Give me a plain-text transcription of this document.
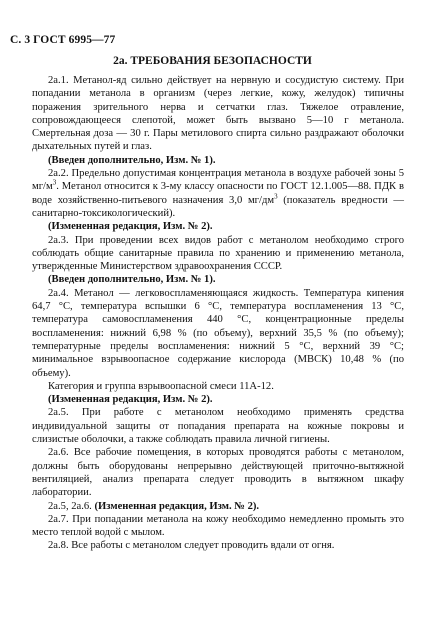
С. 3 ГОСТ 6995—77
2а. ТРЕБОВАНИЯ БЕЗОПАСНОСТИ

2а.1. Метанол-яд сильно действует на нервную и сосудистую систему. При попадании метанола в организм (через легкие, кожу, желудок) типичны поражения зрительного нерва и сетчатки глаз. Тяжелое отравление, сопровождающееся слепотой, может быть вызвано 5—10 г метанола. Смертельная доза — 30 г. Пары метилового спирта сильно раздражают оболочки дыхательных путей и глаз.

(Введен дополнительно, Изм. № 1).

2а.2. Предельно допустимая концентрация метанола в воздухе рабочей зоны 5 $мг/м^3$. Метанол относится к 3-му классу опасности по ГОСТ 12.1.005—88. ПДК в воде хозяйственно-питьевого назначения 3,0 $мг/дм^3$ (показатель вредности — санитарно-токсикологический).

(Измененная редакция, Изм. № 2).

2а.3. При проведении всех видов работ с метанолом необходимо строго соблюдать общие санитарные правила по хранению и применению метанола, утвержденные Министерством здравоохранения СССР.

(Введен дополнительно, Изм. № 1).

2а.4. Метанол — легковоспламеняющаяся жидкость. Температура кипения 64,7 °С, температура вспышки 6 °С, температура воспламенения 13 °С, температура самовоспламенения 440 °С, концентрационные пределы воспламенения: нижний 6,98 % (по объему), верхний 35,5 % (по объему); температурные пределы воспламенения: нижний 5 °С, верхний 39 °С; минимальное взрывоопасное содержание кислорода (МВСК) 10,48 % (по объему).

Категория и группа взрывоопасной смеси 11А-12.

(Измененная редакция, Изм. № 2).

2а.5. При работе с метанолом необходимо применять средства индивидуальной защиты от попадания препарата на кожные покровы и слизистые оболочки, а также соблюдать правила личной гигиены.

2а.6. Все рабочие помещения, в которых проводятся работы с метанолом, должны быть оборудованы непрерывно действующей приточно-вытяжной вентиляцией, анализ препарата следует проводить в вытяжном шкафу лаборатории.

2а.5, 2а.6. (Измененная редакция, Изм. № 2).

2а.7. При попадании метанола на кожу необходимо немедленно промыть это место теплой водой с мылом.

2а.8. Все работы с метанолом следует проводить вдали от огня.
